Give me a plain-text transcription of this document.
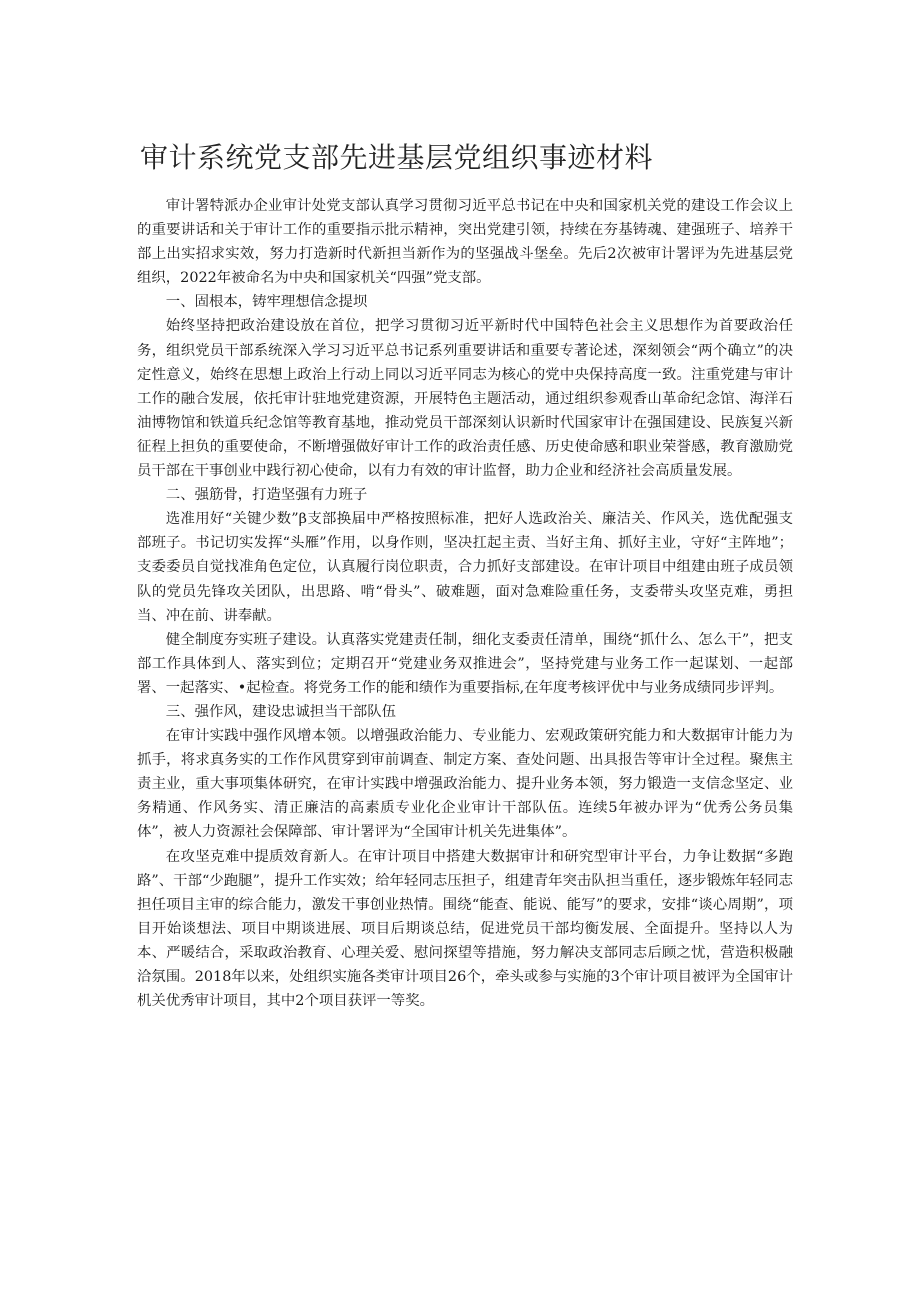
审计系统党支部先进基层党组织事迹材料

审计署特派办企业审计处党支部认真学习贯彻习近平总书记在中央和国家机关党的建设工作会议上的重要讲话和关于审计工作的重要指示批示精神，突出党建引领，持续在夯基铸魂、建强班子、培养干部上出实招求实效，努力打造新时代新担当新作为的坚强战斗堡垒。先后2次被审计署评为先进基层党组织，2022年被命名为中央和国家机关“四强”党支部。

一、固根本，铸牢理想信念提坝

始终坚持把政治建设放在首位，把学习贯彻习近平新时代中国特色社会主义思想作为首要政治任务，组织党员干部系统深入学习习近平总书记系列重要讲话和重要专著论述，深刻领会“两个确立”的决定性意义，始终在思想上政治上行动上同以习近平同志为核心的党中央保持高度一致。注重党建与审计工作的融合发展，依托审计驻地党建资源，开展特色主题活动，通过组织参观香山革命纪念馆、海洋石油博物馆和铁道兵纪念馆等教育基地，推动党员干部深刻认识新时代国家审计在强国建设、民族复兴新征程上担负的重要使命，不断增强做好审计工作的政治责任感、历史使命感和职业荣誉感，教育激励党员干部在干事创业中践行初心使命，以有力有效的审计监督，助力企业和经济社会高质量发展。

二、强筋骨，打造坚强有力班子

选准用好“关键少数”β支部换届中严格按照标准，把好人选政治关、廉洁关、作风关，选优配强支部班子。书记切实发挥“头雁”作用，以身作则，坚决扛起主责、当好主角、抓好主业，守好“主阵地”；支委委员自觉找准角色定位，认真履行岗位职责，合力抓好支部建设。在审计项目中组建由班子成员领队的党员先锋攻关团队，出思路、啃“骨头”、破难题，面对急难险重任务，支委带头攻坚克难，勇担当、冲在前、讲奉献。

健全制度夯实班子建设。认真落实党建责任制，细化支委责任清单，围绕“抓什么、怎么干”，把支部工作具体到人、落实到位；定期召开“党建业务双推进会”，坚持党建与业务工作一起谋划、一起部署、一起落实、•起检查。将党务工作的能和绩作为重要指标,在年度考核评优中与业务成绩同步评判。

三、强作风，建设忠诚担当干部队伍

在审计实践中强作风增本领。以增强政治能力、专业能力、宏观政策研究能力和大数据审计能力为抓手，将求真务实的工作作风贯穿到审前调查、制定方案、查处问题、出具报告等审计全过程。聚焦主责主业，重大事项集体研究，在审计实践中增强政治能力、提升业务本领，努力锻造一支信念坚定、业务精通、作风务实、清正廉洁的高素质专业化企业审计干部队伍。连续5年被办评为“优秀公务员集体”，被人力资源社会保障部、审计署评为“全国审计机关先进集体”。

在攻坚克难中提质效育新人。在审计项目中搭建大数据审计和研究型审计平台，力争让数据“多跑路”、干部“少跑腿”，提升工作实效；给年轻同志压担子，组建青年突击队担当重任，逐步锻炼年轻同志担任项目主审的综合能力，激发干事创业热情。围绕“能查、能说、能写”的要求，安排“谈心周期”，项目开始谈想法、项目中期谈进展、项目后期谈总结，促进党员干部均衡发展、全面提升。坚持以人为本、严暖结合，采取政治教育、心理关爱、慰问探望等措施，努力解决支部同志后顾之忧，营造积极融洽氛围。2018年以来，处组织实施各类审计项目26个，牵头或参与实施的3个审计项目被评为全国审计机关优秀审计项目，其中2个项目获评一等奖。
